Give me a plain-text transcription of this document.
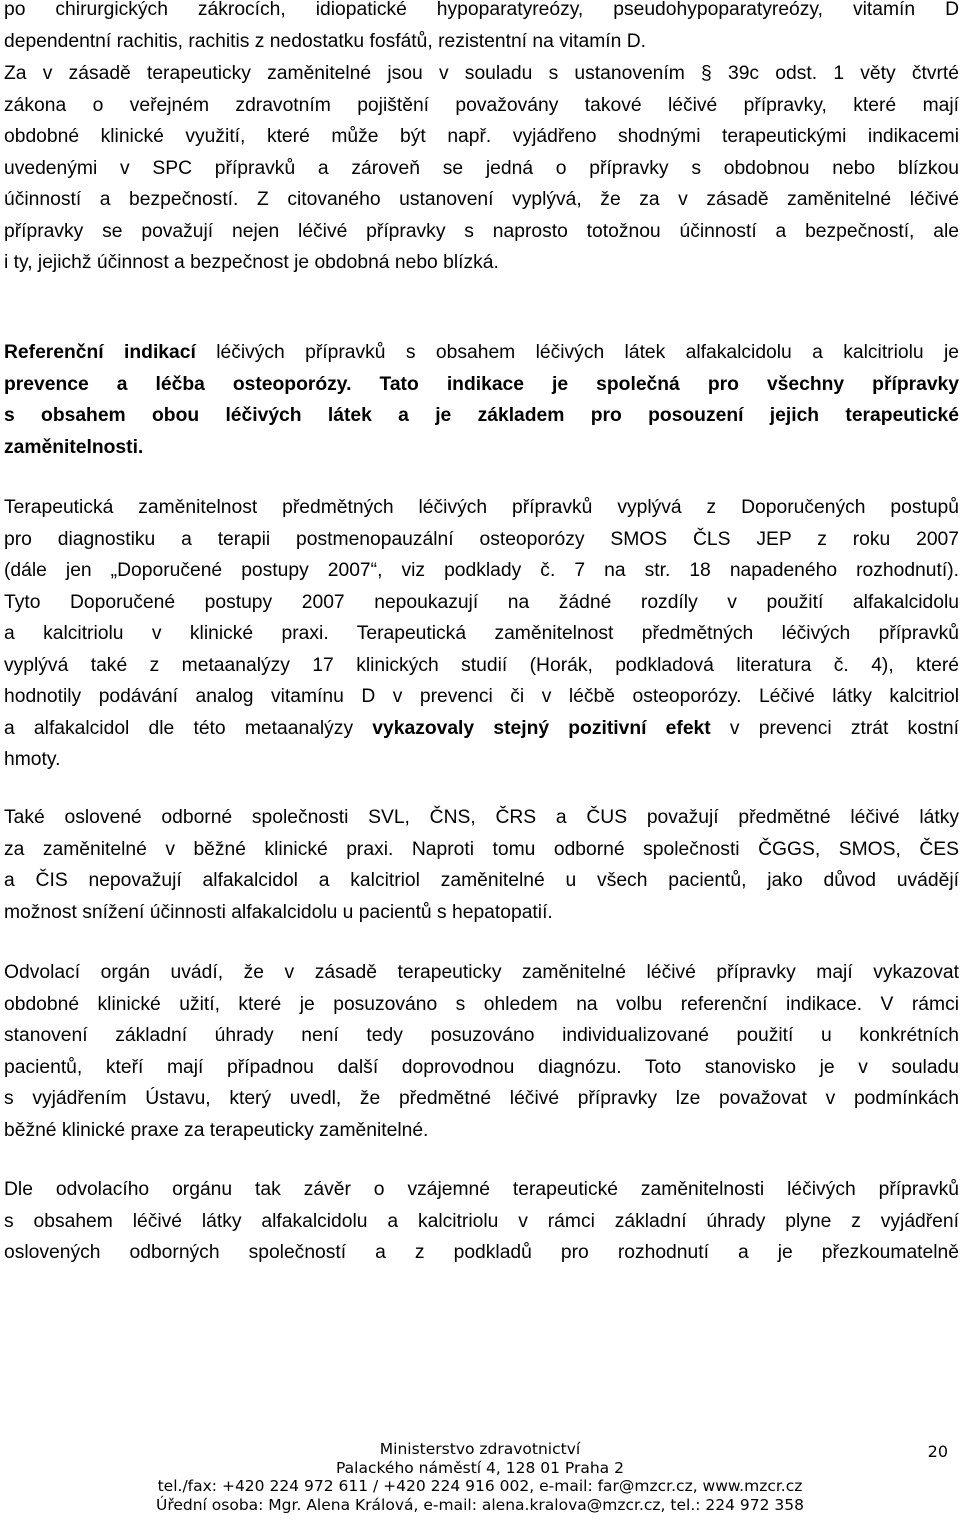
po chirurgických zákrocích, idiopatické hypoparatyreózy, pseudohypoparatyreózy, vitamín D
dependentní rachitis, rachitis z nedostatku fosfátů, rezistentní na vitamín D.

Za v zásadě terapeuticky zaměnitelné jsou v souladu s ustanovením § 39c odst. 1 věty čtvrté
zákona o veřejném zdravotním pojištění považovány takové léčivé přípravky, které mají
obdobné klinické využití, které může být např. vyjádřeno shodnými terapeutickými indikacemi
uvedenými v SPC přípravků a zároveň se jedná o přípravky s obdobnou nebo blízkou
účinností a bezpečností. Z citovaného ustanovení vyplývá, že za v zásadě zaměnitelné léčivé
přípravky se považují nejen léčivé přípravky s naprosto totožnou účinností a bezpečností, ale
i ty, jejichž účinnost a bezpečnost je obdobná nebo blízká.

Referenční indikací léčivých přípravků s obsahem léčivých látek alfakalcidolu a kalcitriolu je
prevence a léčba osteoporózy. Tato indikace je společná pro všechny přípravky
s obsahem obou léčivých látek a je základem pro posouzení jejich terapeutické
zaměnitelnosti.

Terapeutická zaměnitelnost předmětných léčivých přípravků vyplývá z Doporučených postupů
pro diagnostiku a terapii postmenopauzální osteoporózy SMOS ČLS JEP z roku 2007
(dále jen „Doporučené postupy 2007“, viz podklady č. 7 na str. 18 napadeného rozhodnutí).
Tyto Doporučené postupy 2007 nepoukazují na žádné rozdíly v použití alfakalcidolu
a kalcitriolu v klinické praxi. Terapeutická zaměnitelnost předmětných léčivých přípravků
vyplývá také z metaanalýzy 17 klinických studií (Horák, podkladová literatura č. 4), které
hodnotily podávání analog vitamínu D v prevenci či v léčbě osteoporózy. Léčivé látky kalcitriol
a alfakalcidol dle této metaanalýzy vykazovaly stejný pozitivní efekt v prevenci ztrát kostní
hmoty.

Také oslovené odborné společnosti SVL, ČNS, ČRS a ČUS považují předmětné léčivé látky
za zaměnitelné v běžné klinické praxi. Naproti tomu odborné společnosti ČGGS, SMOS, ČES
a ČIS nepovažují alfakalcidol a kalcitriol zaměnitelné u všech pacientů, jako důvod uvádějí
možnost snížení účinnosti alfakalcidolu u pacientů s hepatopatií.

Odvolací orgán uvádí, že v zásadě terapeuticky zaměnitelné léčivé přípravky mají vykazovat
obdobné klinické užití, které je posuzováno s ohledem na volbu referenční indikace. V rámci
stanovení základní úhrady není tedy posuzováno individualizované použití u konkrétních
pacientů, kteří mají případnou další doprovodnou diagnózu. Toto stanovisko je v souladu
s vyjádřením Ústavu, který uvedl, že předmětné léčivé přípravky lze považovat v podmínkách
běžné klinické praxe za terapeuticky zaměnitelné.

Dle odvolacího orgánu tak závěr o vzájemné terapeutické zaměnitelnosti léčivých přípravků
s obsahem léčivé látky alfakalcidolu a kalcitriolu v rámci základní úhrady plyne z vyjádření
oslovených odborných společností a z podkladů pro rozhodnutí a je přezkoumatelně

Ministerstvo zdravotnictví
Palackého náměstí 4, 128 01 Praha 2
tel./fax: +420 224 972 611 / +420 224 916 002, e-mail: far@mzcr.cz, www.mzcr.cz
Úřední osoba: Mgr. Alena Králová, e-mail: alena.kralova@mzcr.cz, tel.: 224 972 358
20
